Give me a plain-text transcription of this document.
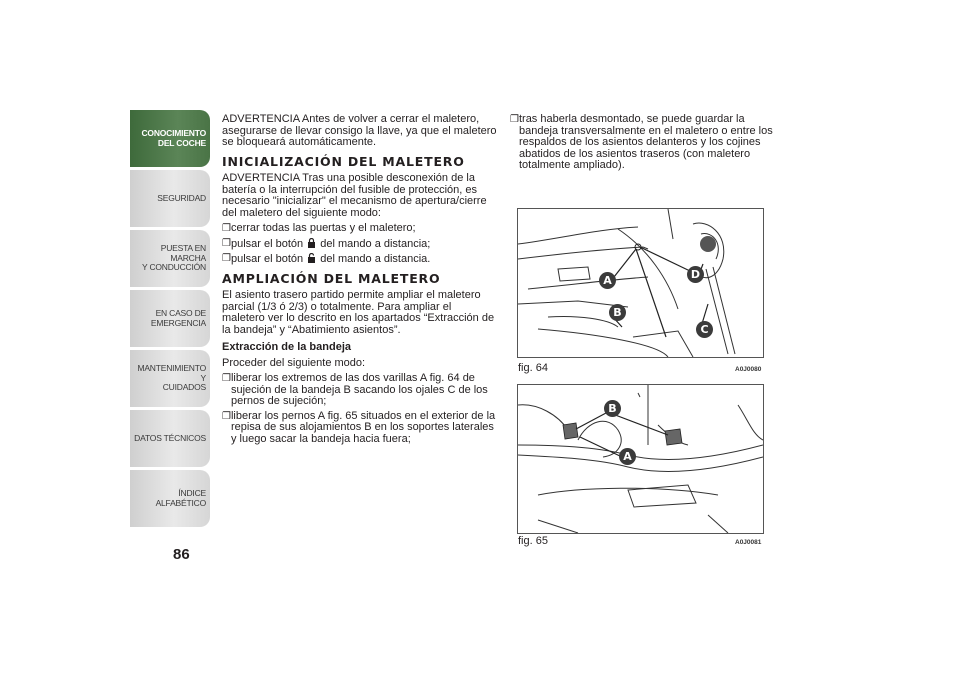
CONOCIMIENTO
DEL COCHE
SEGURIDAD
PUESTA EN MARCHA
Y CONDUCCIÓN
EN CASO DE
EMERGENCIA
MANTENIMIENTO Y
CUIDADOS
DATOS TÉCNICOS
ÍNDICE ALFABÉTICO
86

ADVERTENCIA Antes de volver a cerrar el maletero, asegurarse de llevar consigo la llave, ya que el maletero se bloqueará automáticamente.

INICIALIZACIÓN DEL MALETERO

ADVERTENCIA Tras una posible desconexión de la batería o la interrupción del fusible de protección, es necesario "inicializar" el mecanismo de apertura/cierre del maletero del siguiente modo:

❐ cerrar todas las puertas y el maletero;
❐ pulsar el botón del mando a distancia;
❐ pulsar el botón del mando a distancia.
AMPLIACIÓN DEL MALETERO

El asiento trasero partido permite ampliar el maletero parcial (1/3 ó 2/3) o totalmente. Para ampliar el maletero ver lo descrito en los apartados “Extracción de la bandeja” y “Abatimiento asientos”.

Extracción de la bandeja

Proceder del siguiente modo:

❐ liberar los extremos de las dos varillas A fig. 64 de sujeción de la bandeja B sacando los ojales C de los pernos de sujeción;
❐ liberar los pernos A fig. 65 situados en el exterior de la repisa de sus alojamientos B en los soportes laterales y luego sacar la bandeja hacia fuera;
❐ tras haberla desmontado, se puede guardar la bandeja transversalmente en el maletero o entre los respaldos de los asientos delanteros y los cojines abatidos de los asientos traseros (con maletero totalmente ampliado).
A
B
C
D
fig. 64	A0J0080
B
A
fig. 65	A0J0081
